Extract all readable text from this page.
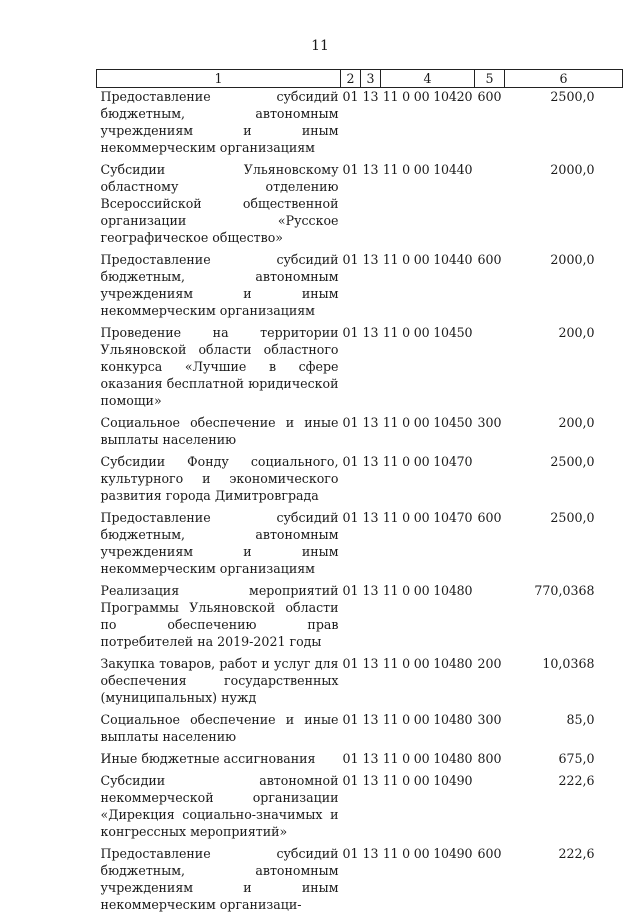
11
1	2	3	4	5	6
Предоставление субсидий бюджетным, автономным учреждениям и иным некоммерческим организациям	01	13	11 0 00 10420	600	2500,0
Субсидии Ульяновскому областному отделению Всероссийской общественной организации «Русское географическое общество»	01	13	11 0 00 10440		2000,0
Предоставление субсидий бюджетным, автономным учреждениям и иным некоммерческим организациям	01	13	11 0 00 10440	600	2000,0
Проведение на территории Ульяновской области областного конкурса «Лучшие в сфере оказания бесплатной юридической помощи»	01	13	11 0 00 10450		200,0
Социальное обеспечение и иные выплаты населению	01	13	11 0 00 10450	300	200,0
Субсидии Фонду социального, культурного и экономического развития города Димитровграда	01	13	11 0 00 10470		2500,0
Предоставление субсидий бюджетным, автономным учреждениям и иным некоммерческим организациям	01	13	11 0 00 10470	600	2500,0
Реализация мероприятий Программы Ульяновской области по обеспечению прав потребителей на 2019-2021 годы	01	13	11 0 00 10480		770,0368
Закупка товаров, работ и услуг для обеспечения государственных (муниципальных) нужд	01	13	11 0 00 10480	200	10,0368
Социальное обеспечение и иные выплаты населению	01	13	11 0 00 10480	300	85,0
Иные бюджетные ассигнования	01	13	11 0 00 10480	800	675,0
Субсидии автономной некоммерческой организации «Дирекция социально-значимых и конгрессных мероприятий»	01	13	11 0 00 10490		222,6
Предоставление субсидий бюджетным, автономным учреждениям и иным некоммерческим организаци-	01	13	11 0 00 10490	600	222,6
